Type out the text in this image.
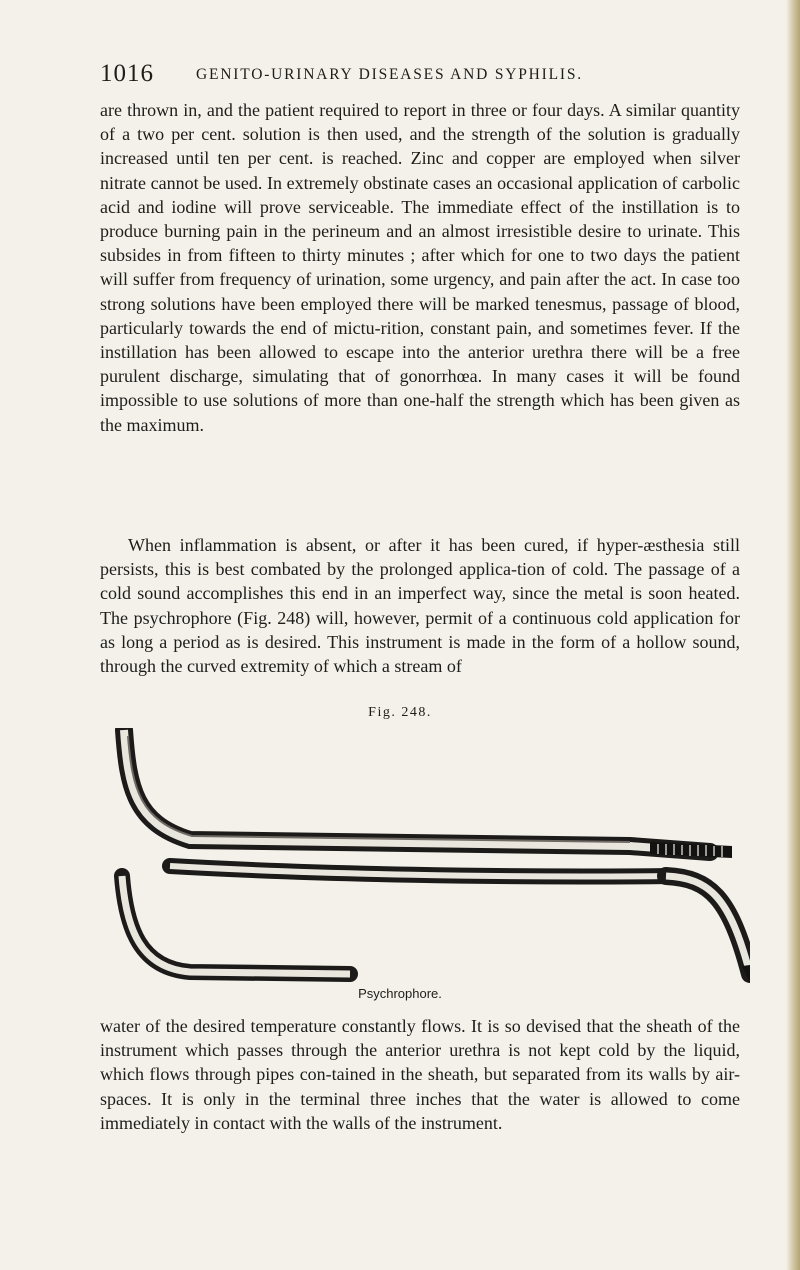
1016	GENITO-URINARY DISEASES AND SYPHILIS.

are thrown in, and the patient required to report in three or four days. A similar quantity of a two per cent. solution is then used, and the strength of the solution is gradually increased until ten per cent. is reached. Zinc and copper are employed when silver nitrate cannot be used. In extremely obstinate cases an occasional application of carbolic acid and iodine will prove serviceable. The immediate effect of the instillation is to produce burning pain in the perineum and an almost irresistible desire to urinate. This subsides in from fifteen to thirty minutes ; after which for one to two days the patient will suffer from frequency of urination, some urgency, and pain after the act. In case too strong solutions have been employed there will be marked tenesmus, passage of blood, particularly towards the end of mictu-rition, constant pain, and sometimes fever. If the instillation has been allowed to escape into the anterior urethra there will be a free purulent discharge, simulating that of gonorrhœa. In many cases it will be found impossible to use solutions of more than one-half the strength which has been given as the maximum.

When inflammation is absent, or after it has been cured, if hyper-æsthesia still persists, this is best combated by the prolonged applica-tion of cold. The passage of a cold sound accomplishes this end in an imperfect way, since the metal is soon heated. The psychrophore (Fig. 248) will, however, permit of a continuous cold application for as long a period as is desired. This instrument is made in the form of a hollow sound, through the curved extremity of which a stream of

Fig. 248.
Psychrophore.

water of the desired temperature constantly flows. It is so devised that the sheath of the instrument which passes through the anterior urethra is not kept cold by the liquid, which flows through pipes con-tained in the sheath, but separated from its walls by air-spaces. It is only in the terminal three inches that the water is allowed to come immediately in contact with the walls of the instrument.
